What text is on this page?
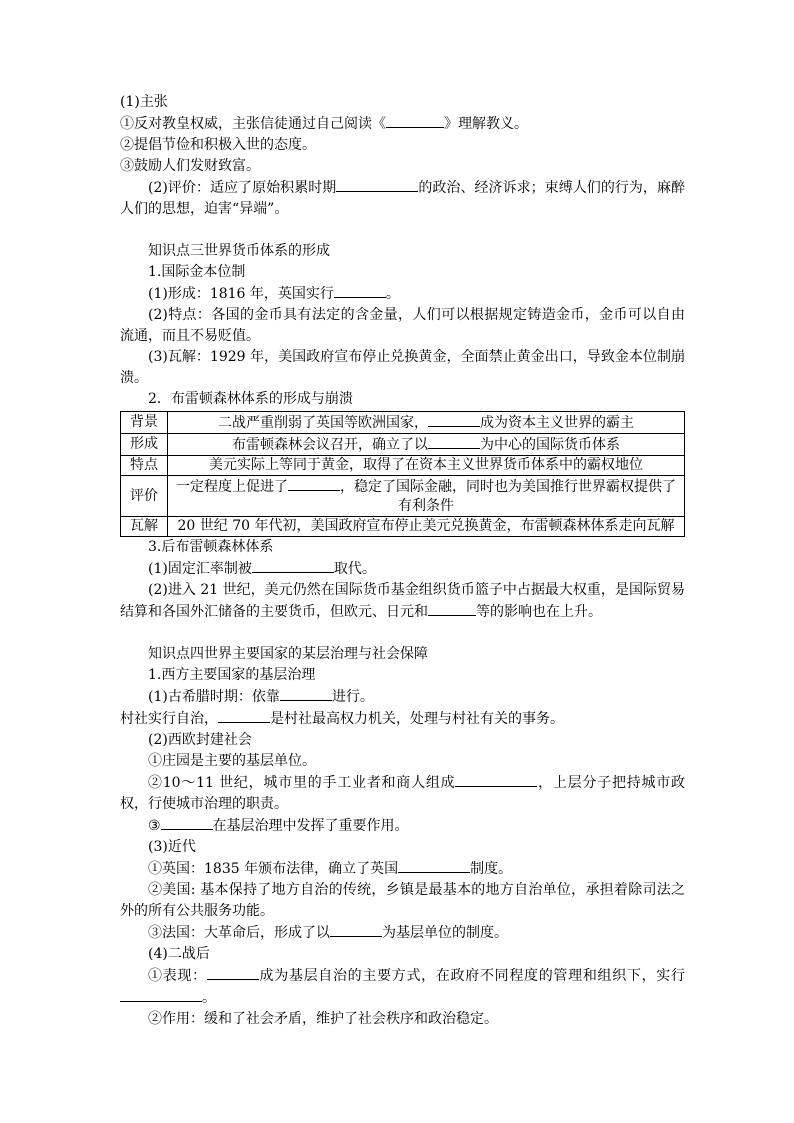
(1)主张

①反对教皇权威，主张信徒通过自己阅读《	》理解教义。

②提倡节俭和积极入世的态度。

③鼓励人们发财致富。

(2)评价：适应了原始积累时期	的政治、经济诉求；束缚人们的行为，麻醉人们的思想，迫害“异端”。

知识点三世界货币体系的形成

1.国际金本位制

(1)形成：1816 年，英国实行	。

(2)特点：各国的金币具有法定的含金量，人们可以根据规定铸造金币，金币可以自由流通，而且不易贬值。

(3)瓦解：1929 年，美国政府宣布停止兑换黄金，全面禁止黄金出口，导致金本位制崩溃。

2．布雷顿森林体系的形成与崩溃

背景	二战严重削弱了英国等欧洲国家， 成为资本主义世界的霸主
形成	布雷顿森林会议召开，确立了以 为中心的国际货币体系
特点	美元实际上等同于黄金，取得了在资本主义世界货币体系中的霸权地位
评价	一定程度上促进了 ，稳定了国际金融，同时也为美国推行世界霸权提供了有利条件
瓦解	20 世纪 70 年代初，美国政府宣布停止美元兑换黄金，布雷顿森林体系走向瓦解

3.后布雷顿森林体系

(1)固定汇率制被	取代。

(2)进入 21 世纪，美元仍然在国际货币基金组织货币篮子中占据最大权重，是国际贸易结算和各国外汇储备的主要货币，但欧元、日元和	等的影响也在上升。

知识点四世界主要国家的某层治理与社会保障

1.西方主要国家的基层治理

(1)古希腊时期：依靠	进行。

村社实行自治，	是村社最高权力机关，处理与村社有关的事务。

(2)西欧封建社会

①庄园是主要的基层单位。

②10～11 世纪，城市里的手工业者和商人组成	，上层分子把持城市政权，行使城市治理的职责。

③	在基层治理中发挥了重要作用。

(3)近代

①英国：1835 年颁布法律，确立了英国	制度。

②美国: 基本保持了地方自治的传统，乡镇是最基本的地方自治单位，承担着除司法之外的所有公共服务功能。

③法国：大革命后，形成了以	为基层单位的制度。

(4)二战后

①表现：	成为基层自治的主要方式，在政府不同程度的管理和组织下，实行。

②作用：缓和了社会矛盾，维护了社会秩序和政治稳定。
